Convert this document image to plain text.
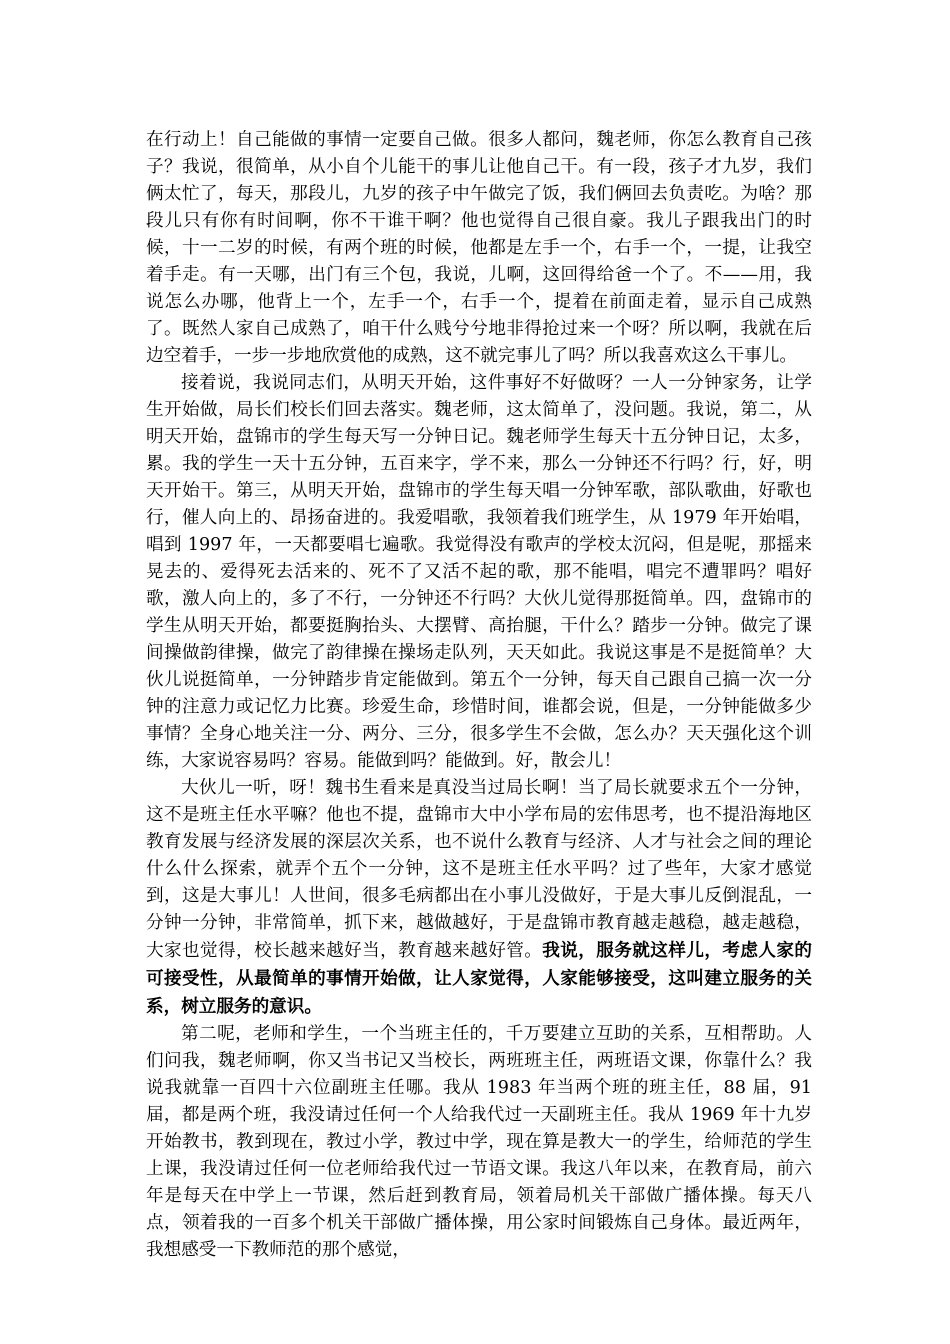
在行动上！自己能做的事情一定要自己做。很多人都问，魏老师，你怎么教育自己孩子？我说，很简单，从小自个儿能干的事儿让他自己干。有一段，孩子才九岁，我们俩太忙了，每天，那段儿，九岁的孩子中午做完了饭，我们俩回去负责吃。为啥？那段儿只有你有时间啊，你不干谁干啊？他也觉得自己很自豪。我儿子跟我出门的时候，十一二岁的时候，有两个班的时候，他都是左手一个，右手一个，一提，让我空着手走。有一天哪，出门有三个包，我说，儿啊，这回得给爸一个了。不——用，我说怎么办哪，他背上一个，左手一个，右手一个，提着在前面走着，显示自己成熟了。既然人家自己成熟了，咱干什么贱兮兮地非得抢过来一个呀？所以啊，我就在后边空着手，一步一步地欣赏他的成熟，这不就完事儿了吗？所以我喜欢这么干事儿。

接着说，我说同志们，从明天开始，这件事好不好做呀？一人一分钟家务，让学生开始做，局长们校长们回去落实。魏老师，这太简单了，没问题。我说，第二，从明天开始，盘锦市的学生每天写一分钟日记。魏老师学生每天十五分钟日记，太多，累。我的学生一天十五分钟，五百来字，学不来，那么一分钟还不行吗？行，好，明天开始干。第三，从明天开始，盘锦市的学生每天唱一分钟军歌，部队歌曲，好歌也行，催人向上的、昂扬奋进的。我爱唱歌，我领着我们班学生，从 1979 年开始唱，唱到 1997 年，一天都要唱七遍歌。我觉得没有歌声的学校太沉闷，但是呢，那摇来晃去的、爱得死去活来的、死不了又活不起的歌，那不能唱，唱完不遭罪吗？唱好歌，激人向上的，多了不行，一分钟还不行吗？大伙儿觉得那挺简单。四，盘锦市的学生从明天开始，都要挺胸抬头、大摆臂、高抬腿，干什么？踏步一分钟。做完了课间操做韵律操，做完了韵律操在操场走队列，天天如此。我说这事是不是挺简单？大伙儿说挺简单，一分钟踏步肯定能做到。第五个一分钟，每天自己跟自己搞一次一分钟的注意力或记忆力比赛。珍爱生命，珍惜时间，谁都会说，但是，一分钟能做多少事情？全身心地关注一分、两分、三分，很多学生不会做，怎么办？天天强化这个训练，大家说容易吗？容易。能做到吗？能做到。好，散会儿！

大伙儿一听，呀！魏书生看来是真没当过局长啊！当了局长就要求五个一分钟，这不是班主任水平嘛？他也不提，盘锦市大中小学布局的宏伟思考，也不提沿海地区教育发展与经济发展的深层次关系，也不说什么教育与经济、人才与社会之间的理论什么什么探索，就弄个五个一分钟，这不是班主任水平吗？过了些年，大家才感觉到，这是大事儿！人世间，很多毛病都出在小事儿没做好，于是大事儿反倒混乱，一分钟一分钟，非常简单，抓下来，越做越好，于是盘锦市教育越走越稳，越走越稳，大家也觉得，校长越来越好当，教育越来越好管。我说，服务就这样儿，考虑人家的可接受性，从最简单的事情开始做，让人家觉得，人家能够接受，这叫建立服务的关系，树立服务的意识。

第二呢，老师和学生，一个当班主任的，千万要建立互助的关系，互相帮助。人们问我，魏老师啊，你又当书记又当校长，两班班主任，两班语文课，你靠什么？我说我就靠一百四十六位副班主任哪。我从 1983 年当两个班的班主任，88 届，91 届，都是两个班，我没请过任何一个人给我代过一天副班主任。我从 1969 年十九岁开始教书，教到现在，教过小学，教过中学，现在算是教大一的学生，给师范的学生上课，我没请过任何一位老师给我代过一节语文课。我这八年以来，在教育局，前六年是每天在中学上一节课，然后赶到教育局，领着局机关干部做广播体操。每天八点，领着我的一百多个机关干部做广播体操，用公家时间锻炼自己身体。最近两年，我想感受一下教师范的那个感觉，
